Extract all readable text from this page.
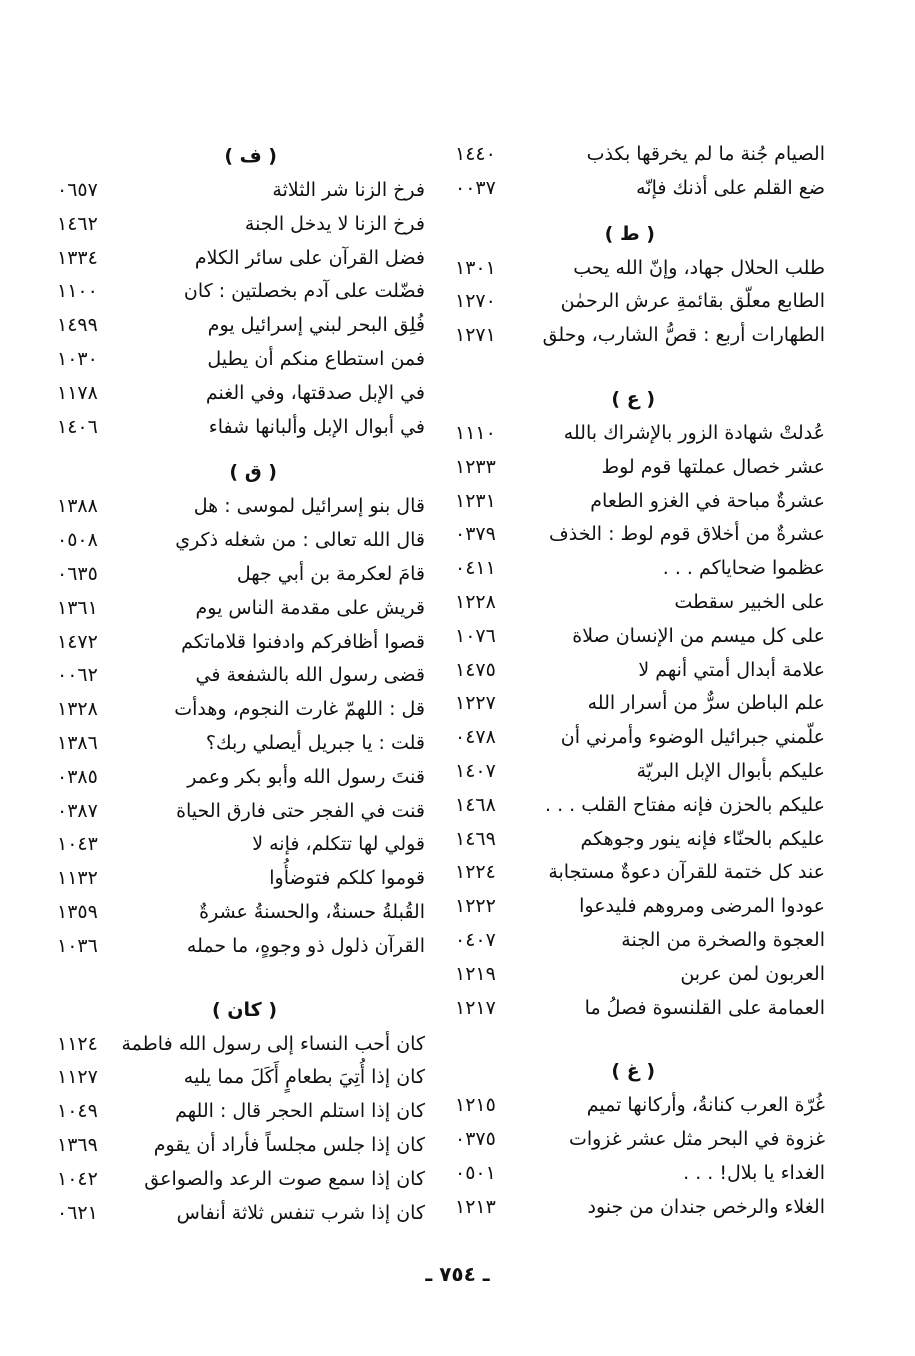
الصيام جُنة ما لم يخرقها بكذب
١٤٤٠
ضع القلم على أذنك فإنّه
٠٠٣٧
( ط )
طلب الحلال جهاد، وإنّ الله يحب
١٣٠١
الطابع معلّق بقائمةِ عرش الرحمٰن
١٢٧٠
الطهارات أربع : قصُّ الشارب، وحلق
١٢٧١
( ع )
عُدلتْ شهادة الزور بالإشراك بالله
١١١٠
عشر خصال عملتها قوم لوط
١٢٣٣
عشرةٌ مباحة في الغزو الطعام
١٢٣١
عشرةٌ من أخلاق قوم لوط : الخذف
٠٣٧٩
عظموا ضحاياكم . . .
٠٤١١
على الخبير سقطت
١٢٢٨
على كل ميسم من الإنسان صلاة
١٠٧٦
علامة أبدال أمتي أنهم لا
١٤٧٥
علم الباطن سرٌّ من أسرار الله
١٢٢٧
علّمني جبرائيل الوضوء وأمرني أن
٠٤٧٨
عليكم بأبوال الإبل البريّة
١٤٠٧
عليكم بالحزن فإنه مفتاح القلب . . .
١٤٦٨
عليكم بالحنّاء فإنه ينور وجوهكم
١٤٦٩
عند كل ختمة للقرآن دعوةٌ مستجابة
١٢٢٤
عودوا المرضى ومروهم فليدعوا
١٢٢٢
العجوة والصخرة من الجنة
٠٤٠٧
العربون لمن عربن
١٢١٩
العمامة على القلنسوة فصلُ ما
١٢١٧
( غ )
غُرّة العرب كنانةُ، وأركانها تميم
١٢١٥
غزوة في البحر مثل عشر غزوات
٠٣٧٥
الغداء يا بلال! . . .
٠٥٠١
الغلاء والرخص جندان من جنود
١٢١٣
( ف )
فرخ الزنا شر الثلاثة
٠٦٥٧
فرخ الزنا لا يدخل الجنة
١٤٦٢
فضل القرآن على سائر الكلام
١٣٣٤
فضّلت على آدم بخصلتين : كان
١١٠٠
فُلِق البحر لبني إسرائيل يوم
١٤٩٩
فمن استطاع منكم أن يطيل
١٠٣٠
في الإبل صدقتها، وفي الغنم
١١٧٨
في أبوال الإبل وألبانها شفاء
١٤٠٦
( ق )
قال بنو إسرائيل لموسى : هل
١٣٨٨
قال الله تعالى : من شغله ذكري
٠٥٠٨
قامَ لعكرمة بن أبي جهل
٠٦٣٥
قريش على مقدمة الناس يوم
١٣٦١
قصوا أظافركم وادفنوا قلاماتكم
١٤٧٢
قضى رسول الله بالشفعة في
٠٠٦٢
قل : اللهمّ غارت النجوم، وهدأت
١٣٢٨
قلت : يا جبريل أيصلي ربك؟
١٣٨٦
قنتَ رسول الله وأبو بكر وعمر
٠٣٨٥
قنت في الفجر حتى فارق الحياة
٠٣٨٧
قولي لها تتكلم، فإنه لا
١٠٤٣
قوموا كلكم فتوضأُوا
١١٣٢
القُبلةُ حسنةٌ، والحسنةُ عشرةٌ
١٣٥٩
القرآن ذلول ذو وجوهٍ، ما حمله
١٠٣٦
( كان )
كان أحب النساء إلى رسول الله فاطمة
١١٢٤
كان إذا أُتِيَ بطعامٍ أَكَلَ مما يليه
١١٢٧
كان إذا استلم الحجر قال : اللهم
١٠٤٩
كان إذا جلس مجلساً فأراد أن يقوم
١٣٦٩
كان إذا سمع صوت الرعد والصواعق
١٠٤٢
كان إذا شرب تنفس ثلاثة أنفاس
٠٦٢١
ـ ٧٥٤ ـ
